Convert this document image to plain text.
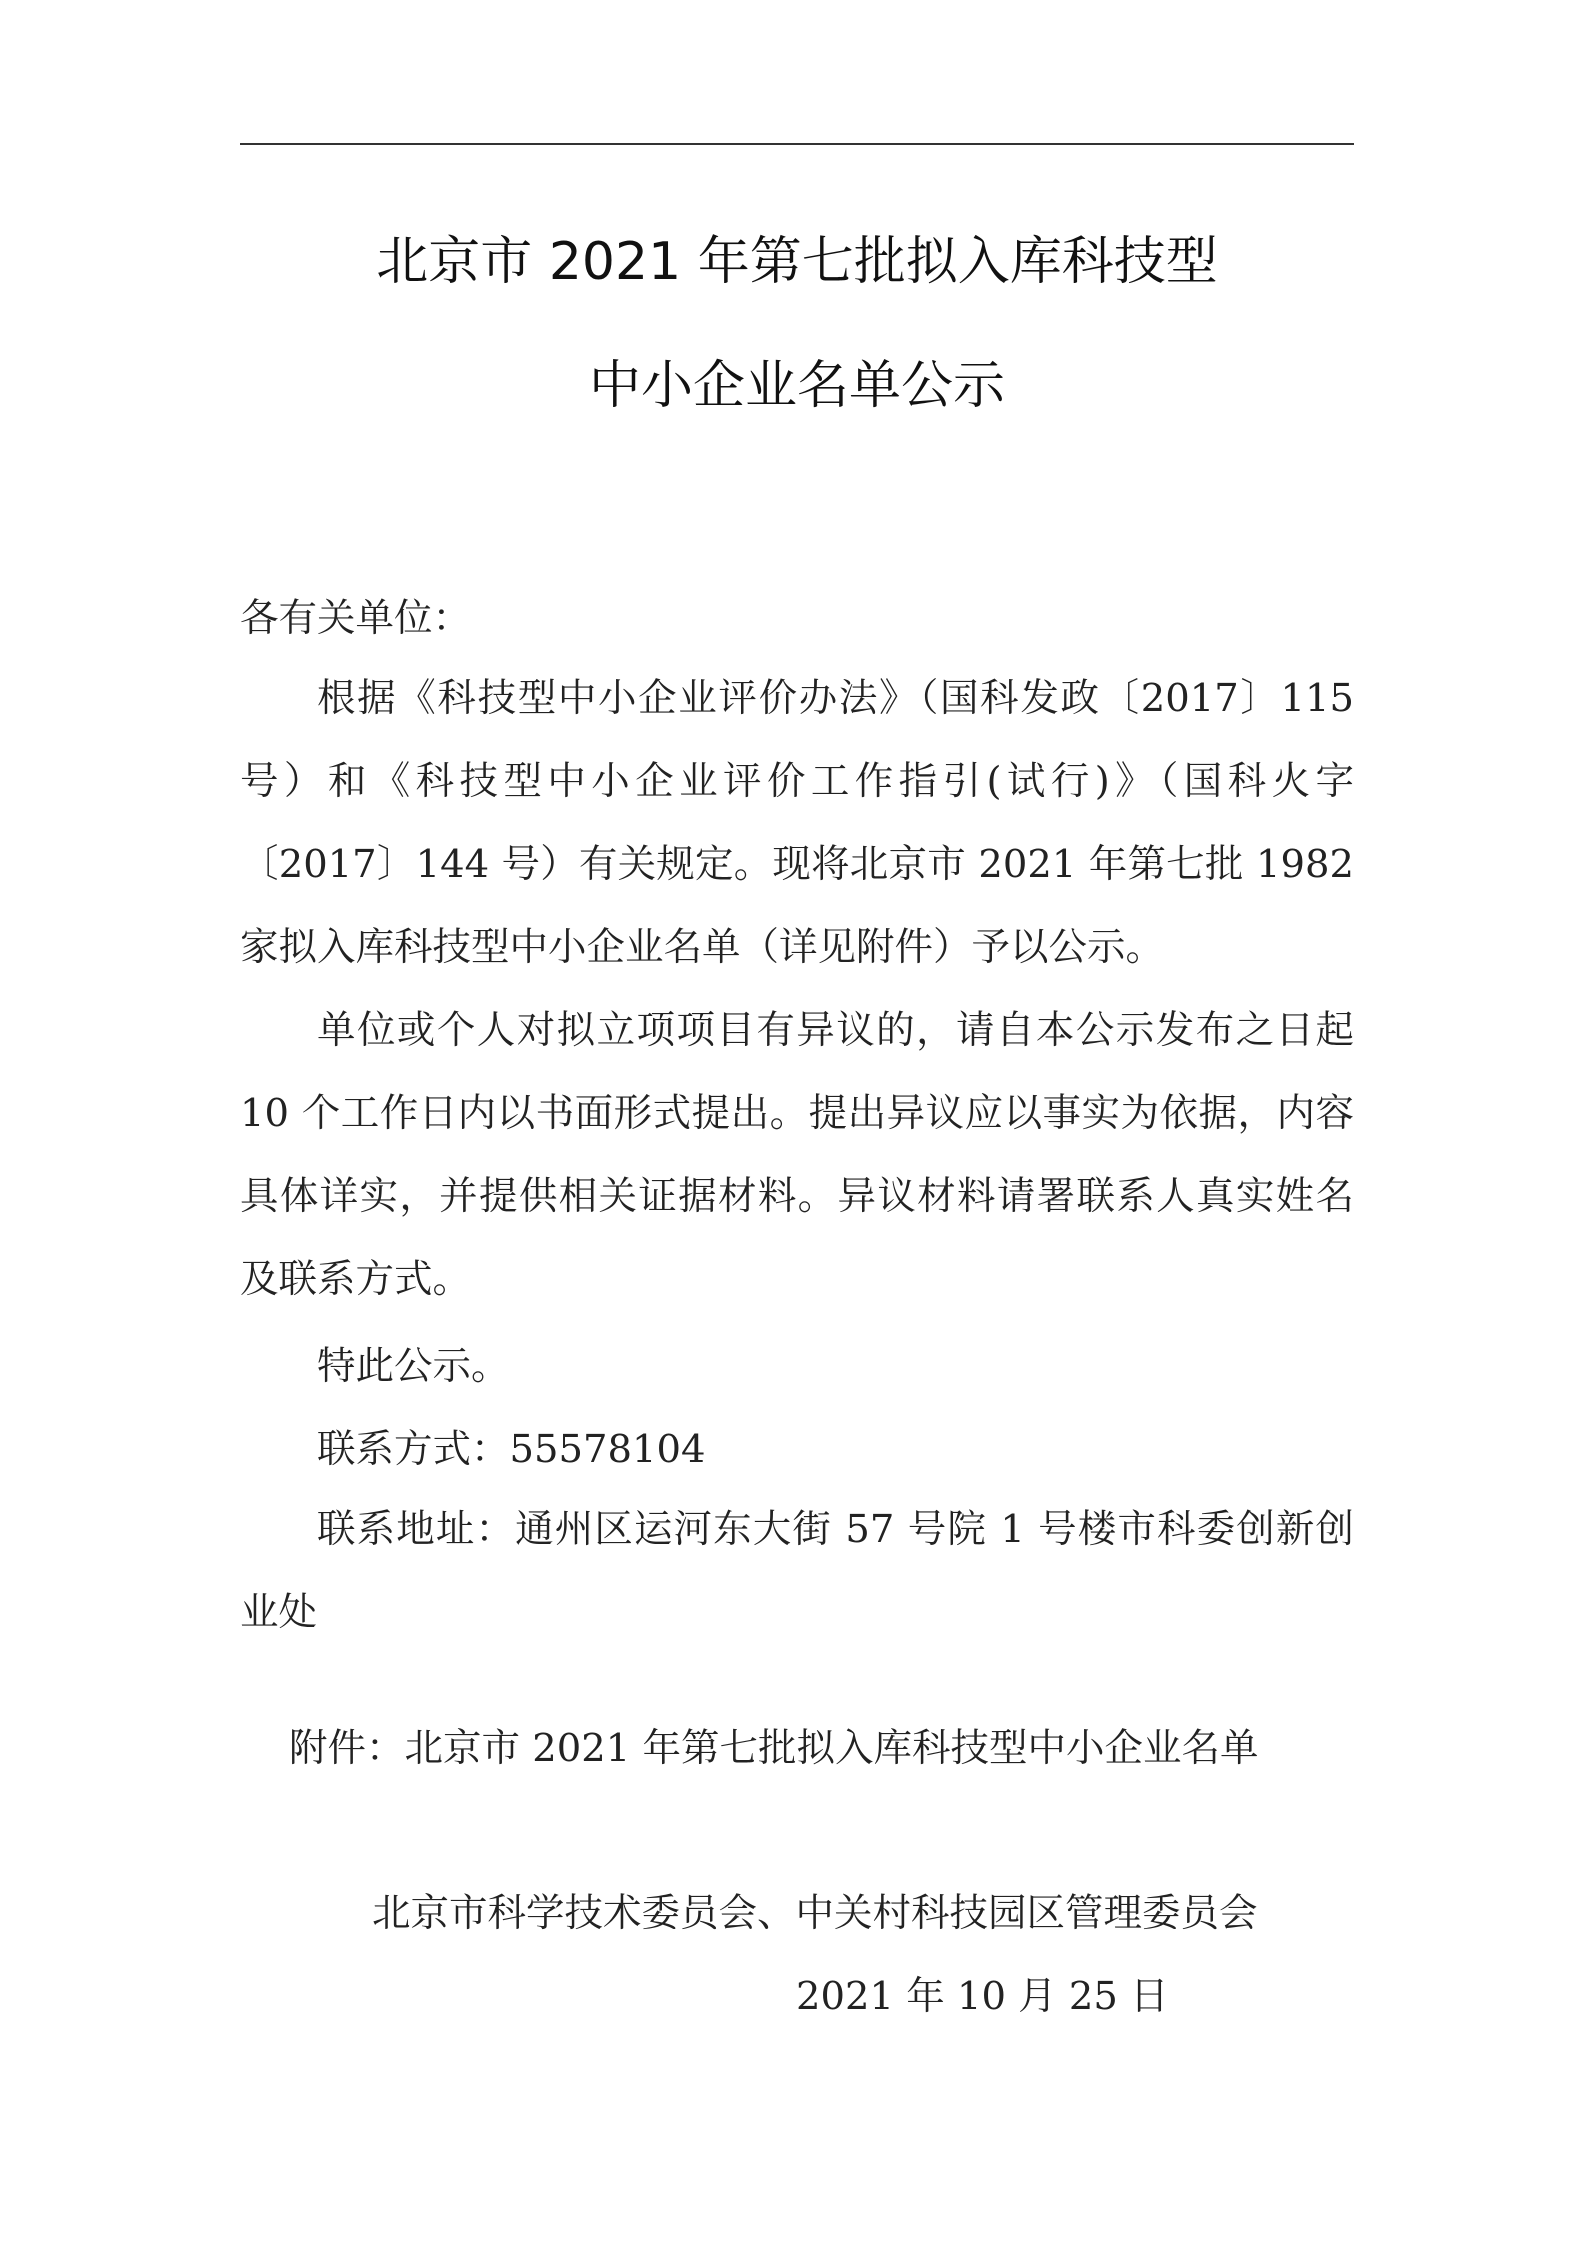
北京市 2021 年第七批拟入库科技型
中小企业名单公示
各有关单位：

根据《科技型中小企业评价办法》（国科发政〔2017〕115 号）和《科技型中小企业评价工作指引(试行)》（国科火字〔2017〕144 号）有关规定。现将北京市 2021 年第七批 1982 家拟入库科技型中小企业名单（详见附件）予以公示。

单位或个人对拟立项项目有异议的，请自本公示发布之日起 10 个工作日内以书面形式提出。提出异议应以事实为依据，内容具体详实，并提供相关证据材料。异议材料请署联系人真实姓名及联系方式。

特此公示。
联系方式：55578104

联系地址：通州区运河东大街 57 号院 1 号楼市科委创新创业处

附件：北京市 2021 年第七批拟入库科技型中小企业名单
北京市科学技术委员会、中关村科技园区管理委员会
2021 年 10 月 25 日
